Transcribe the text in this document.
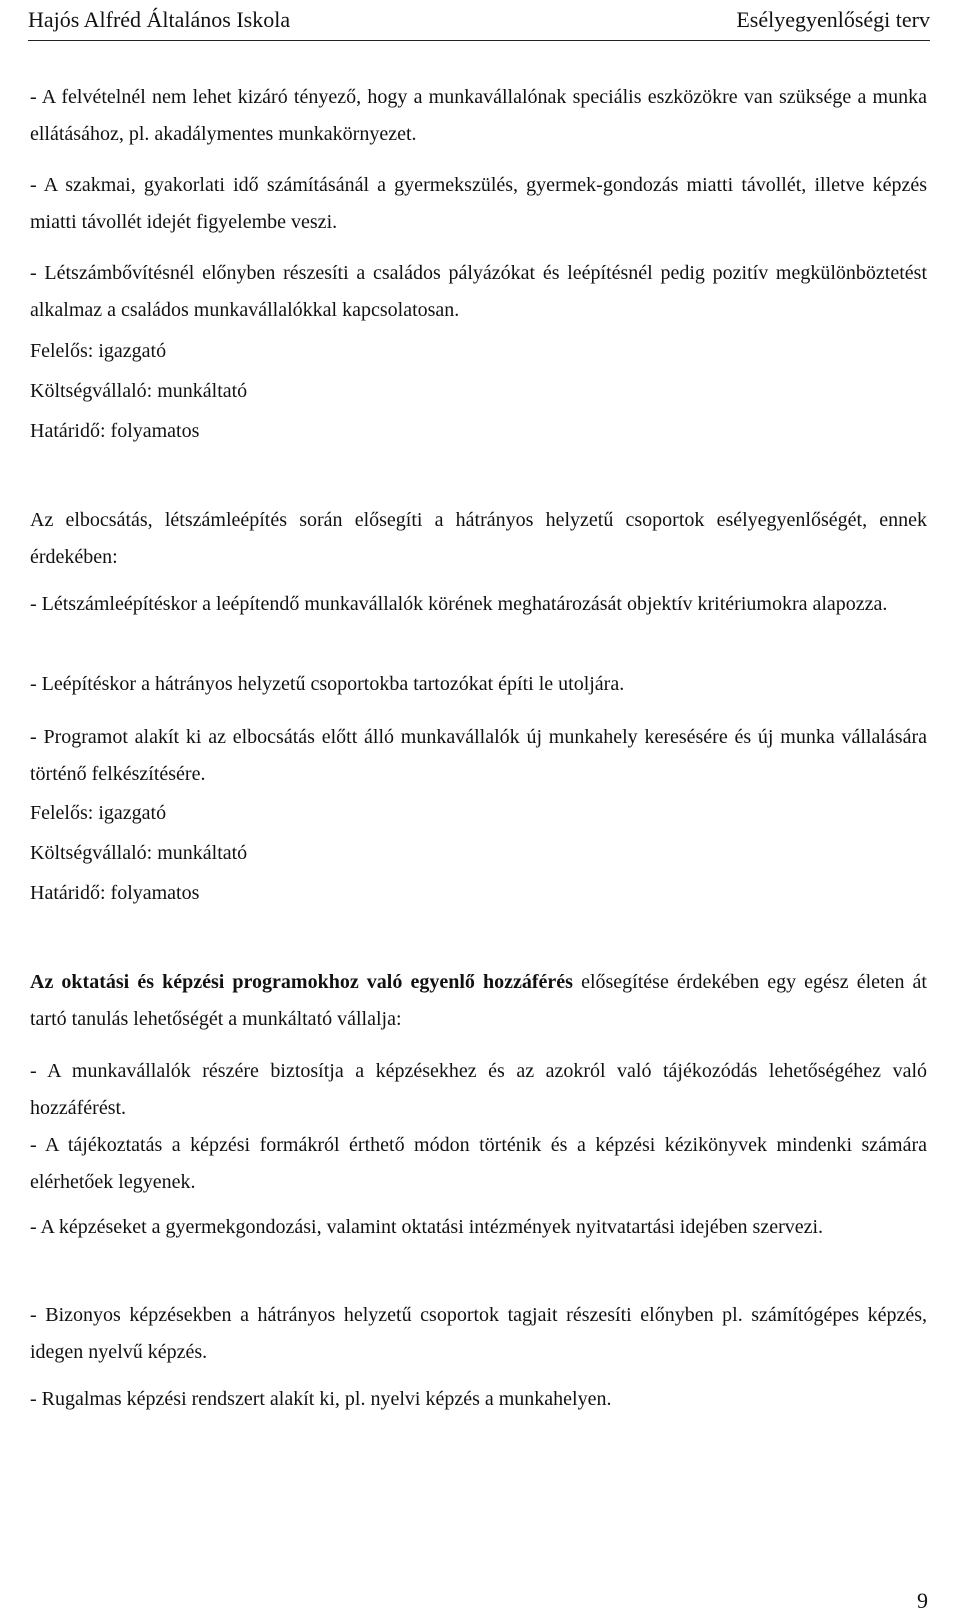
Hajós Alfréd Általános Iskola	Esélyegyenlőségi terv

- A felvételnél nem lehet kizáró tényező, hogy a munkavállalónak speciális eszközökre van szüksége a munka ellátásához, pl. akadálymentes munkakörnyezet.

- A szakmai, gyakorlati idő számításánál a gyermekszülés, gyermek-gondozás miatti távollét, illetve képzés miatti távollét idejét figyelembe veszi.

- Létszámbővítésnél előnyben részesíti a családos pályázókat és leépítésnél pedig pozitív megkülönböztetést alkalmaz a családos munkavállalókkal kapcsolatosan.

Felelős: igazgató

Költségvállaló: munkáltató

Határidő: folyamatos

Az elbocsátás, létszámleépítés során elősegíti a hátrányos helyzetű csoportok esélyegyenlőségét, ennek érdekében:

- Létszámleépítéskor a leépítendő munkavállalók körének meghatározását objektív kritériumokra alapozza.

- Leépítéskor a hátrányos helyzetű csoportokba tartozókat építi le utoljára.

- Programot alakít ki az elbocsátás előtt álló munkavállalók új munkahely keresésére és új munka vállalására történő felkészítésére.

Felelős: igazgató

Költségvállaló: munkáltató

Határidő: folyamatos

Az oktatási és képzési programokhoz való egyenlő hozzáférés elősegítése érdekében egy egész életen át tartó tanulás lehetőségét a munkáltató vállalja:

- A munkavállalók részére biztosítja a képzésekhez és az azokról való tájékozódás lehetőségéhez való hozzáférést.

- A tájékoztatás a képzési formákról érthető módon történik és a képzési kézikönyvek mindenki számára elérhetőek legyenek.

- A képzéseket a gyermekgondozási, valamint oktatási intézmények nyitvatartási idejében szervezi.

- Bizonyos képzésekben a hátrányos helyzetű csoportok tagjait részesíti előnyben pl. számítógépes képzés, idegen nyelvű képzés.

- Rugalmas képzési rendszert alakít ki, pl. nyelvi képzés a munkahelyen.

9
